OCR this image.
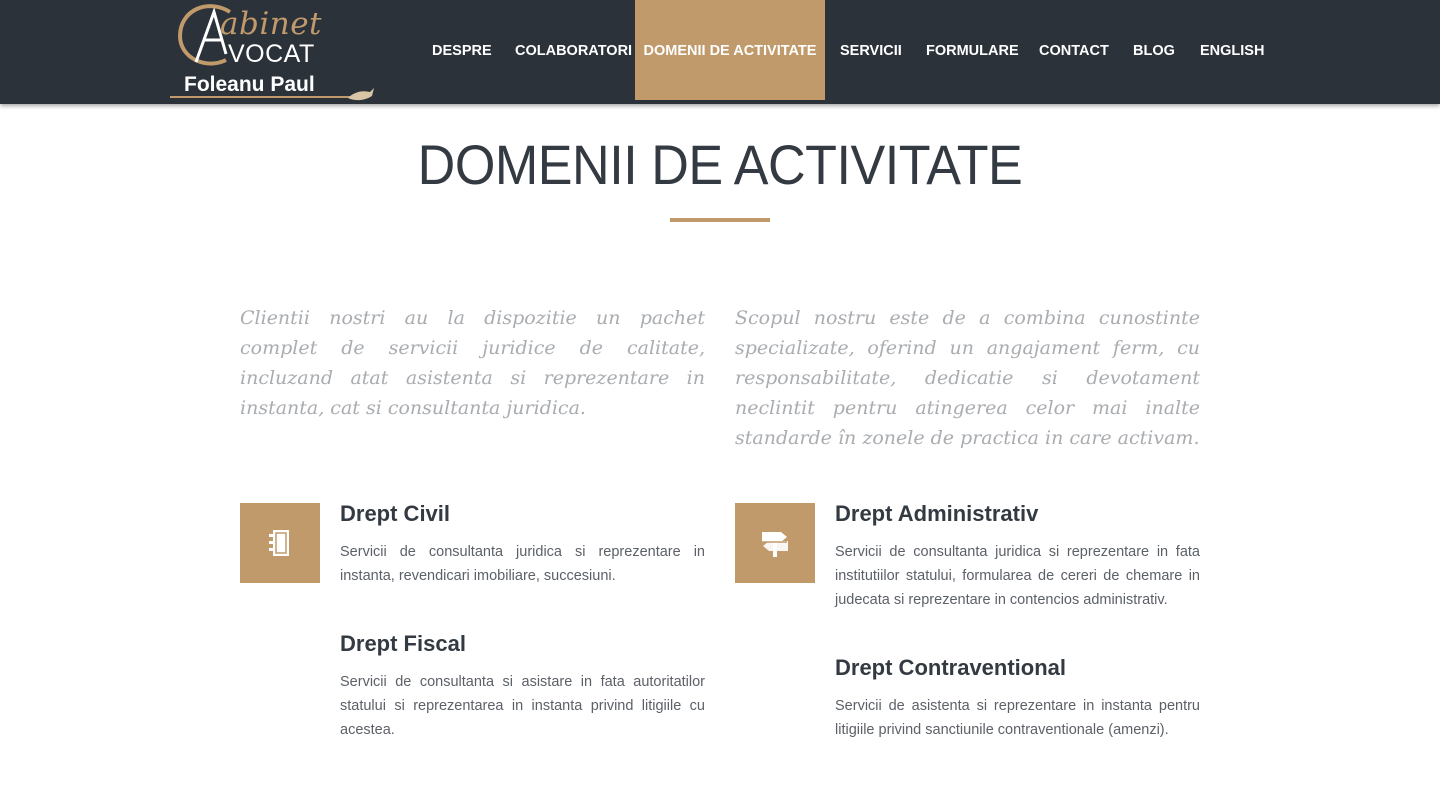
abinet
VOCAT
Foleanu Paul
DESPRE COLABORATORI DOMENII DE ACTIVITATE	SERVICII FORMULARE CONTACT BLOG ENGLISH
DOMENII DE ACTIVITATE

Clientii nostri au la dispozitie un pachet complet de servicii juridice de calitate, incluzand atat asistenta si reprezentare in instanta, cat si consultanta juridica.

Scopul nostru este de a combina cunostinte specializate, oferind un angajament ferm, cu responsabilitate, dedicatie si devotament neclintit pentru atingerea celor mai inalte standarde în zonele de practica in care activam.

Drept Civil

Servicii de consultanta juridica si reprezentare in instanta, revendicari imobiliare, succesiuni.

Drept Administrativ

Servicii de consultanta juridica si reprezentare in fata institutiilor statului, formularea de cereri de chemare in judecata si reprezentare in contencios administrativ.

Drept Fiscal

Servicii de consultanta si asistare in fata autoritatilor statului si reprezentarea in instanta privind litigiile cu acestea.

Drept Contraventional

Servicii de asistenta si reprezentare in instanta pentru litigiile privind sanctiunile contraventionale (amenzi).
